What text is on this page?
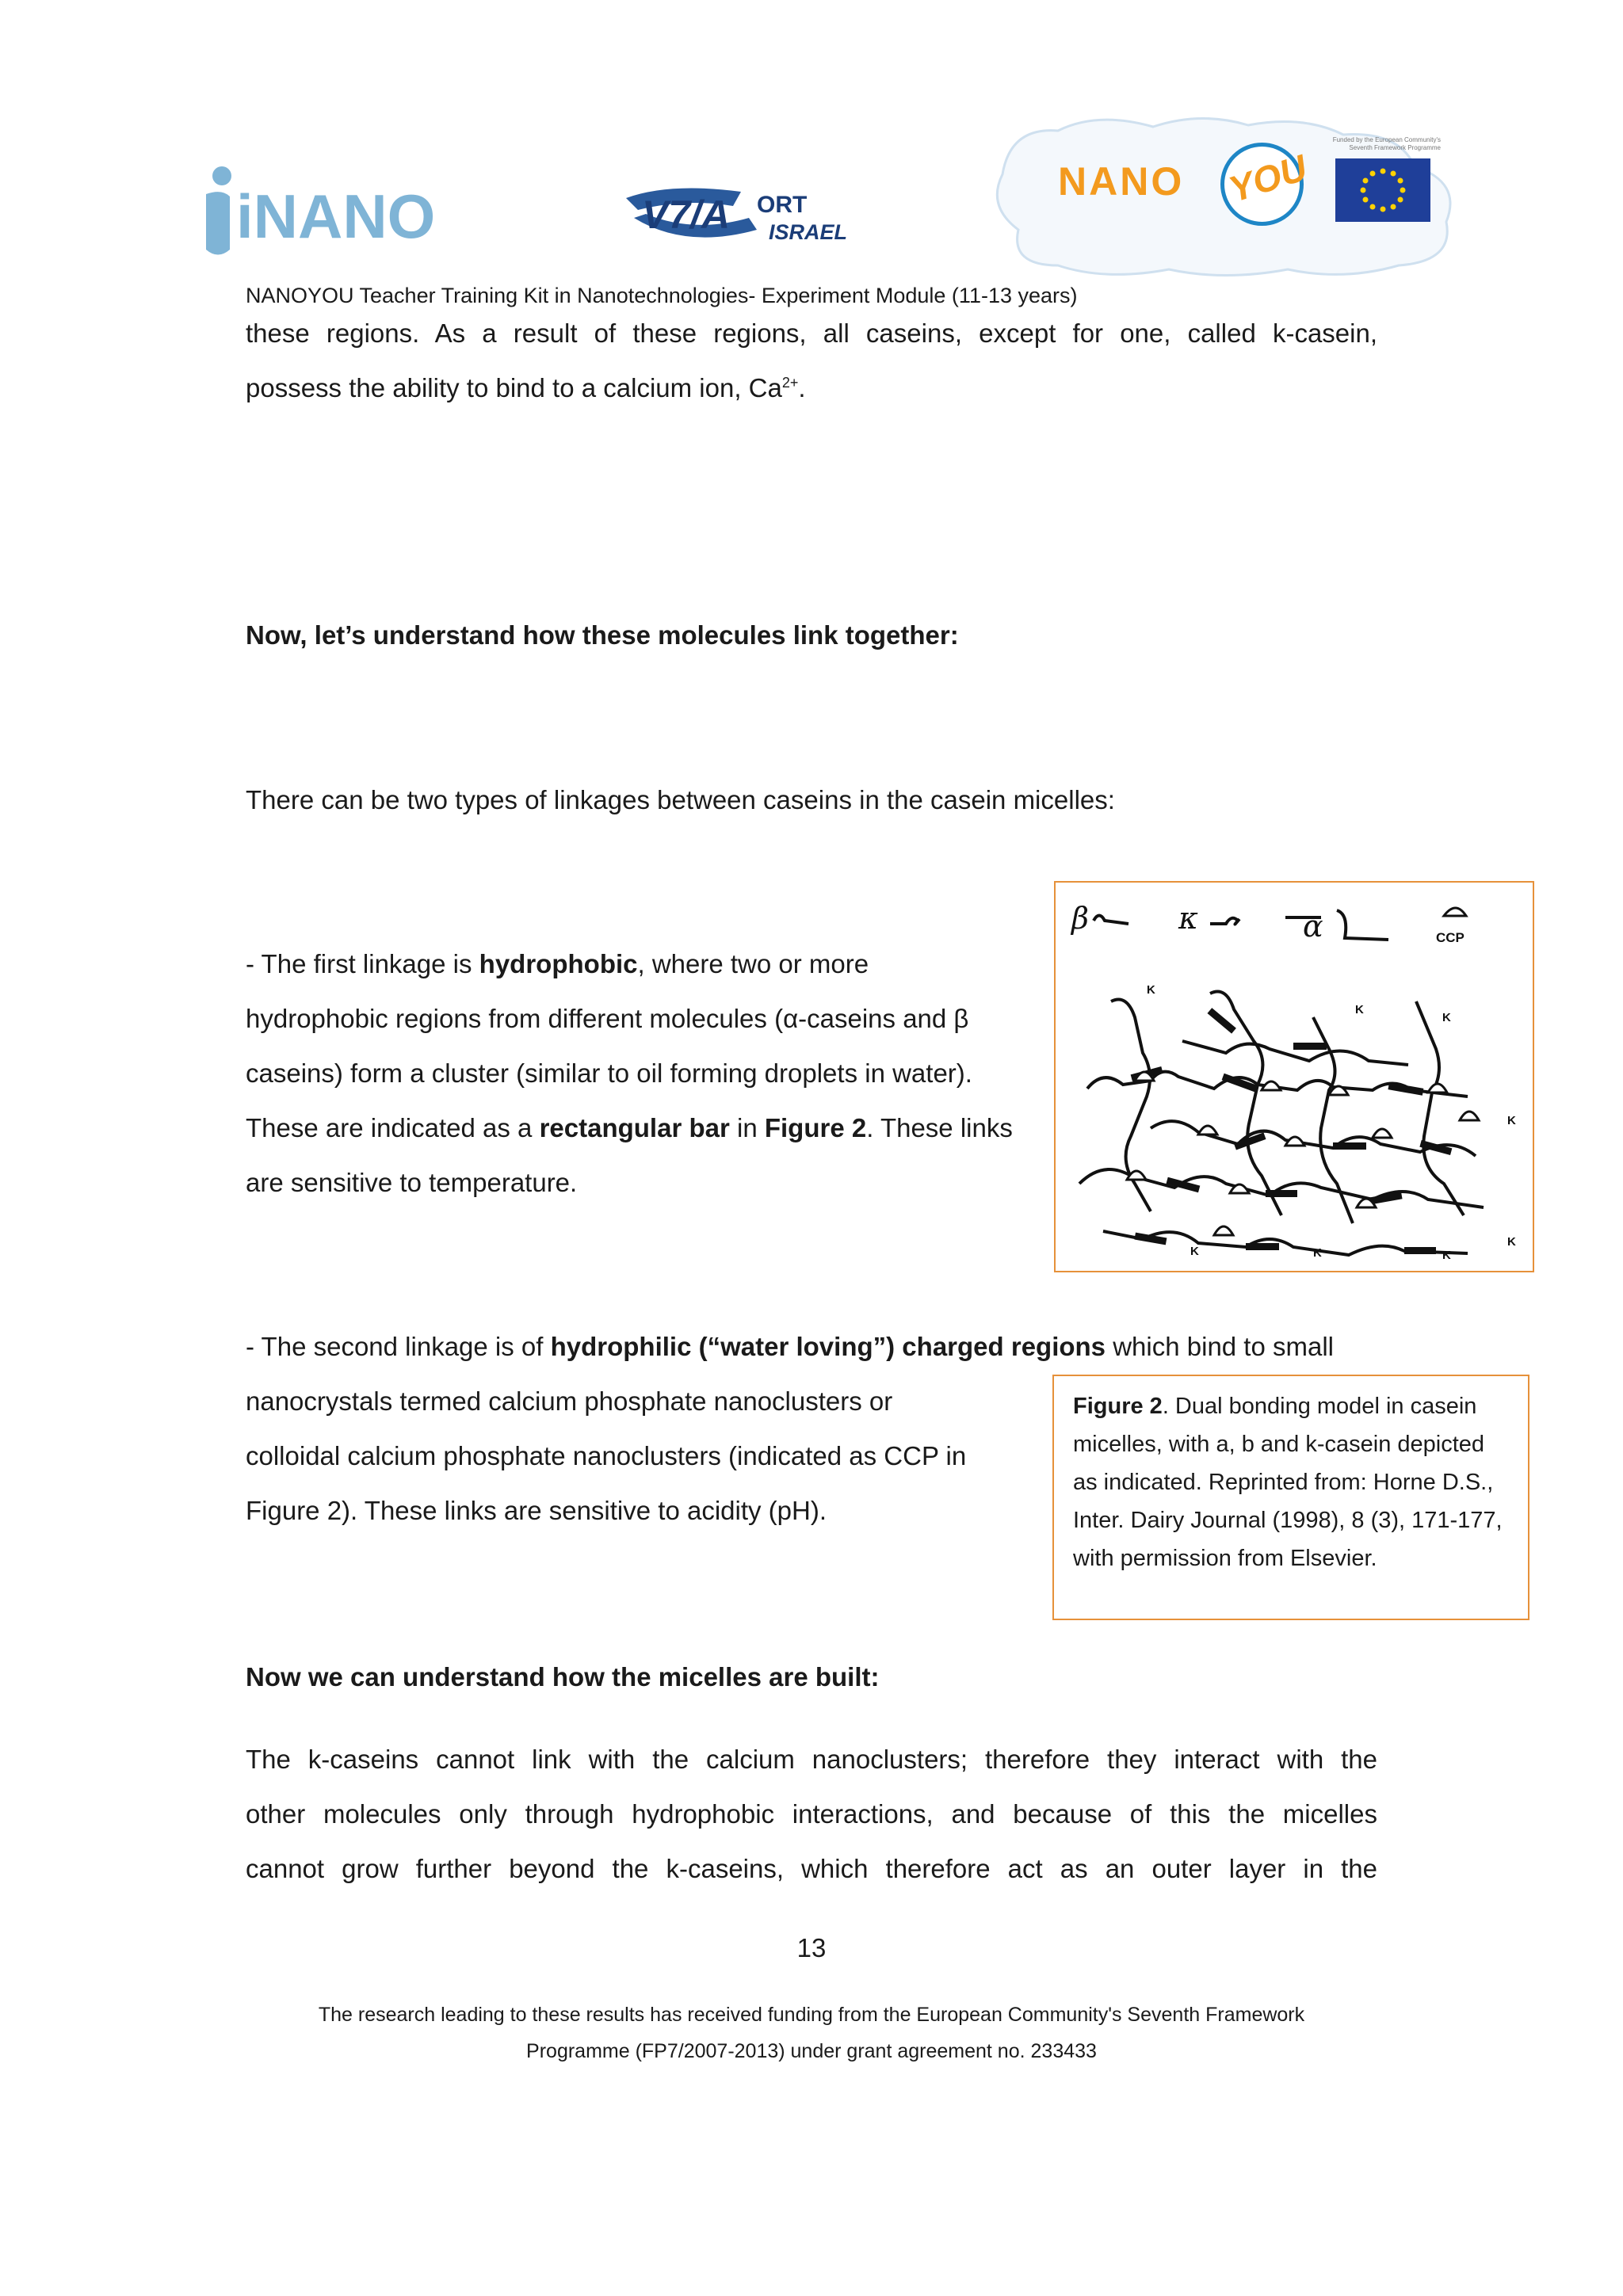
iNANO	V7/A ORT
ISRAEL
NANO YOU
Funded by the European Community's Seventh Framework Programme
NANOYOU Teacher Training Kit in Nanotechnologies- Experiment Module (11-13 years)
these regions. As a result of these regions, all caseins, except for one, called k-casein,
possess the ability to bind to a calcium ion, $Ca^{2+}$.
Now, let’s understand how these molecules link together:
There can be two types of linkages between caseins in the casein micelles:
- The first linkage is hydrophobic, where two or more
hydrophobic regions from different molecules (α-caseins and β
caseins) form a cluster (similar to oil forming droplets in water).
These are indicated as a rectangular bar in Figure 2. These links
are sensitive to temperature.
β	κ	α	CCP
K
K
K
K
K
K	K	K
- The second linkage is of hydrophilic (“water loving”) charged regions which bind to small
nanocrystals termed calcium phosphate nanoclusters or
colloidal calcium phosphate nanoclusters (indicated as CCP in
Figure 2). These links are sensitive to acidity (pH).
Figure 2. Dual bonding model in casein micelles, with a, b and k-casein depicted as indicated. Reprinted from: Horne D.S., Inter. Dairy Journal (1998), 8 (3), 171-177, with permission from Elsevier.
Now we can understand how the micelles are built:
The k-caseins cannot link with the calcium nanoclusters; therefore they interact with the
other molecules only through hydrophobic interactions, and because of this the micelles
cannot grow further beyond the k-caseins, which therefore act as an outer layer in the
13
The research leading to these results has received funding from the European Community's Seventh Framework
Programme (FP7/2007-2013) under grant agreement no. 233433
